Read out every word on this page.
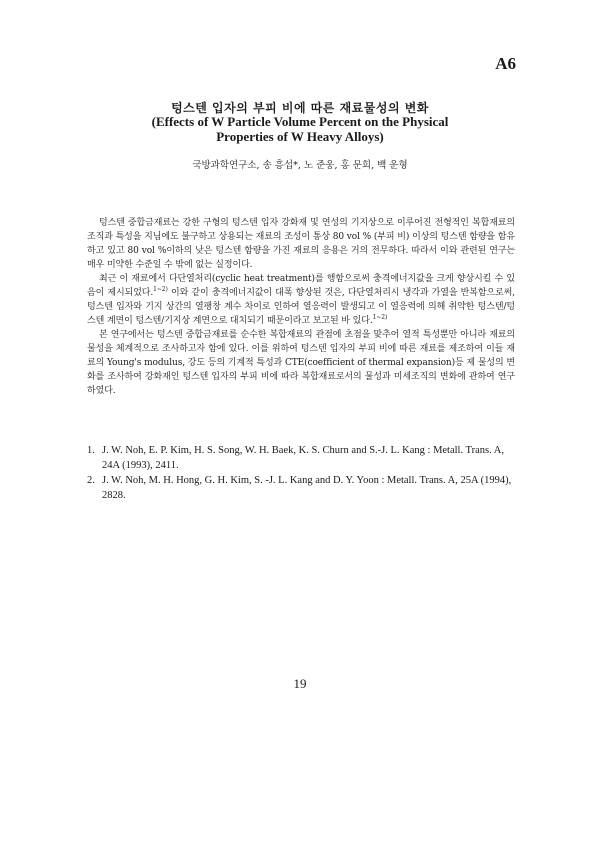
A6
텅스텐 입자의 부피 비에 따른 재료물성의 변화
(Effects of W Particle Volume Percent on the Physical
Properties of W Heavy Alloys)
국방과학연구소, 송 흥섭*, 노 준웅, 홍 문희, 백 운형

텅스텐 중합금재료는 강한 구형의 텅스텐 입자 강화재 및 연성의 기지상으로 이루어진 전형적인 복합재료의 조직과 특성을 지님에도 불구하고 상용되는 재료의 조성이 통상 80 vol % (부피 비) 이상의 텅스텐 함량을 함유하고 있고 80 vol %이하의 낮은 텅스텐 함량을 가진 재료의 응용은 거의 전무하다. 따라서 이와 관련된 연구는 매우 미약한 수준일 수 밖에 없는 실정이다.

최근 이 재료에서 다단열처리(cyclic heat treatment)를 행함으로써 충격에너지값을 크게 향상시킬 수 있음이 제시되었다.$^{1\sim 2)}$ 이와 같이 충격에너지값이 대폭 향상된 것은, 다단열처리시 냉각과 가열을 반복함으로써, 텅스텐 입자와 기지 상간의 열팽창 계수 차이로 인하여 열응력이 발생되고 이 열응력에 의해 취약한 텅스텐/텅스텐 계면이 텅스텐/기지상 계면으로 대치되기 때문이라고 보고된 바 있다.$^{1\sim 2)}$

본 연구에서는 텅스텐 중합금재료를 순수한 복합재료의 관점에 초점을 맞추어 열적 특성뿐만 아니라 재료의 물성을 체계적으로 조사하고자 함에 있다. 이를 위하여 텅스텐 입자의 부피 비에 따른 재료를 제조하여 이들 재료의 Young's modulus, 강도 등의 기계적 특성과 CTE(coefficient of thermal expansion)등 제 물성의 변화를 조사하여 강화재인 텅스텐 입자의 부피 비에 따라 복합재료로서의 물성과 미세조직의 변화에 관하여 연구하였다.

1. J. W. Noh, E. P. Kim, H. S. Song, W. H. Baek, K. S. Churn and S.-J. L. Kang : Metall. Trans. A, 24A (1993), 2411.
2. J. W. Noh, M. H. Hong, G. H. Kim, S. -J. L. Kang and D. Y. Yoon : Metall. Trans. A, 25A (1994), 2828.
19
